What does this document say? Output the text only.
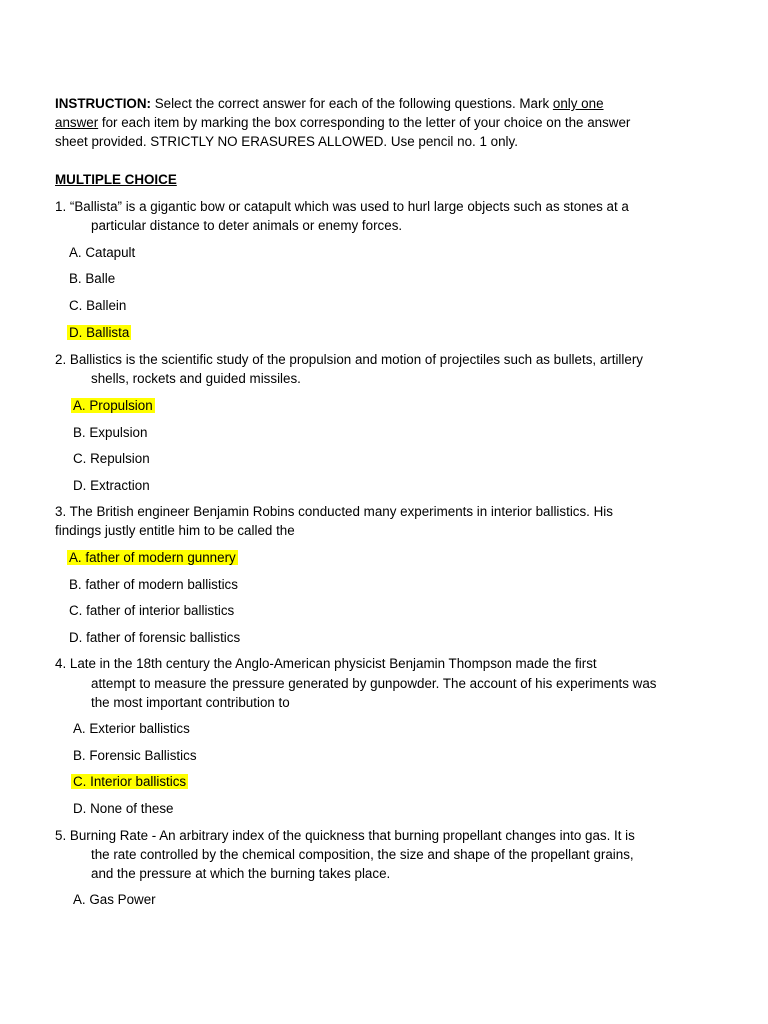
INSTRUCTION: Select the correct answer for each of the following questions. Mark only one

answer for each item by marking the box corresponding to the letter of your choice on the answer

sheet provided. STRICTLY NO ERASURES ALLOWED. Use pencil no. 1 only.

MULTIPLE CHOICE
1. “Ballista” is a gigantic bow or catapult which was used to hurl large objects such as stones at a
particular distance to deter animals or enemy forces.
A. Catapult
B. Balle
C. Ballein
D. Ballista
2. Ballistics is the scientific study of the propulsion and motion of projectiles such as bullets, artillery
shells, rockets and guided missiles.
A. Propulsion
B. Expulsion
C. Repulsion
D. Extraction
3. The British engineer Benjamin Robins conducted many experiments in interior ballistics. His
findings justly entitle him to be called the
A. father of modern gunnery
B. father of modern ballistics
C. father of interior ballistics
D. father of forensic ballistics
4. Late in the 18th century the Anglo-American physicist Benjamin Thompson made the first
attempt to measure the pressure generated by gunpowder. The account of his experiments was
the most important contribution to
A. Exterior ballistics
B. Forensic Ballistics
C. Interior ballistics
D. None of these
5. Burning Rate - An arbitrary index of the quickness that burning propellant changes into gas. It is
the rate controlled by the chemical composition, the size and shape of the propellant grains,
and the pressure at which the burning takes place.
A. Gas Power
